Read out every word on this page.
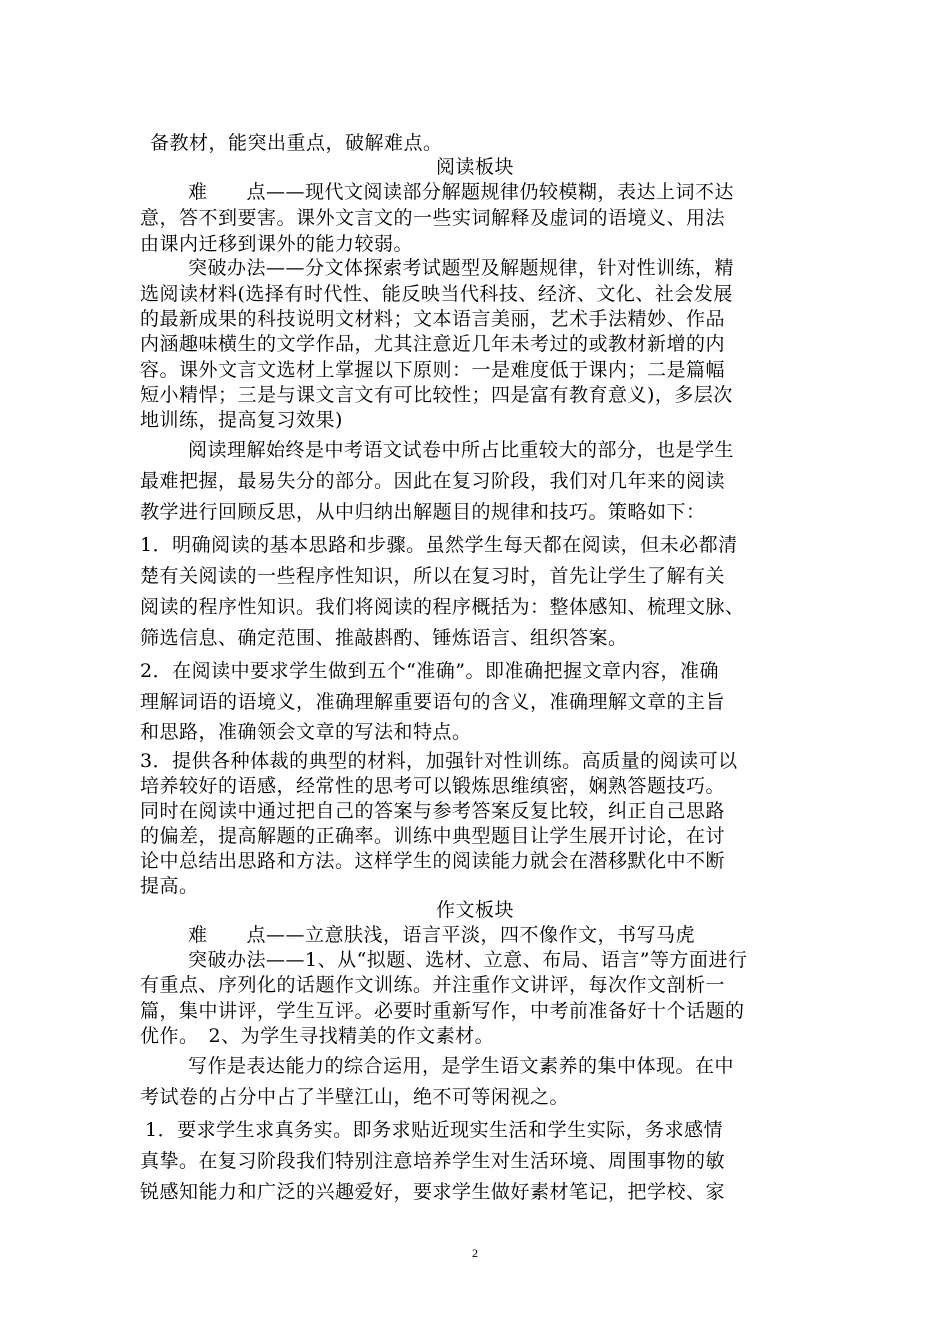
备教材，能突出重点，破解难点。
阅读板块
难　　点——现代文阅读部分解题规律仍较模糊，表达上词不达
意，答不到要害。课外文言文的一些实词解释及虚词的语境义、用法
由课内迁移到课外的能力较弱。
突破办法——分文体探索考试题型及解题规律，针对性训练，精
选阅读材料(选择有时代性、能反映当代科技、经济、文化、社会发展
的最新成果的科技说明文材料；文本语言美丽，艺术手法精妙、作品
内涵趣味横生的文学作品，尤其注意近几年未考过的或教材新增的内
容。课外文言文选材上掌握以下原则：一是难度低于课内；二是篇幅
短小精悍；三是与课文言文有可比较性；四是富有教育意义)，多层次
地训练，提高复习效果)
阅读理解始终是中考语文试卷中所占比重较大的部分，也是学生
最难把握，最易失分的部分。因此在复习阶段，我们对几年来的阅读
教学进行回顾反思，从中归纳出解题目的规律和技巧。策略如下：
1．明确阅读的基本思路和步骤。虽然学生每天都在阅读，但未必都清
楚有关阅读的一些程序性知识，所以在复习时，首先让学生了解有关
阅读的程序性知识。我们将阅读的程序概括为：整体感知、梳理文脉、
筛选信息、确定范围、推敲斟酌、锤炼语言、组织答案。
2．在阅读中要求学生做到五个“准确”。即准确把握文章内容，准确
理解词语的语境义，准确理解重要语句的含义，准确理解文章的主旨
和思路，准确领会文章的写法和特点。
3．提供各种体裁的典型的材料，加强针对性训练。高质量的阅读可以
培养较好的语感，经常性的思考可以锻炼思维缜密，娴熟答题技巧。
同时在阅读中通过把自己的答案与参考答案反复比较，纠正自己思路
的偏差，提高解题的正确率。训练中典型题目让学生展开讨论，在讨
论中总结出思路和方法。这样学生的阅读能力就会在潜移默化中不断
提高。
作文板块
难　　点——立意肤浅，语言平淡，四不像作文，书写马虎
突破办法——1、从“拟题、选材、立意、布局、语言”等方面进行
有重点、序列化的话题作文训练。并注重作文讲评，每次作文剖析一
篇，集中讲评，学生互评。必要时重新写作，中考前准备好十个话题的
优作。　2、为学生寻找精美的作文素材。
写作是表达能力的综合运用，是学生语文素养的集中体现。在中
考试卷的占分中占了半壁江山，绝不可等闲视之。
1．要求学生求真务实。即务求贴近现实生活和学生实际，务求感情
真挚。在复习阶段我们特别注意培养学生对生活环境、周围事物的敏
锐感知能力和广泛的兴趣爱好，要求学生做好素材笔记，把学校、家
2
